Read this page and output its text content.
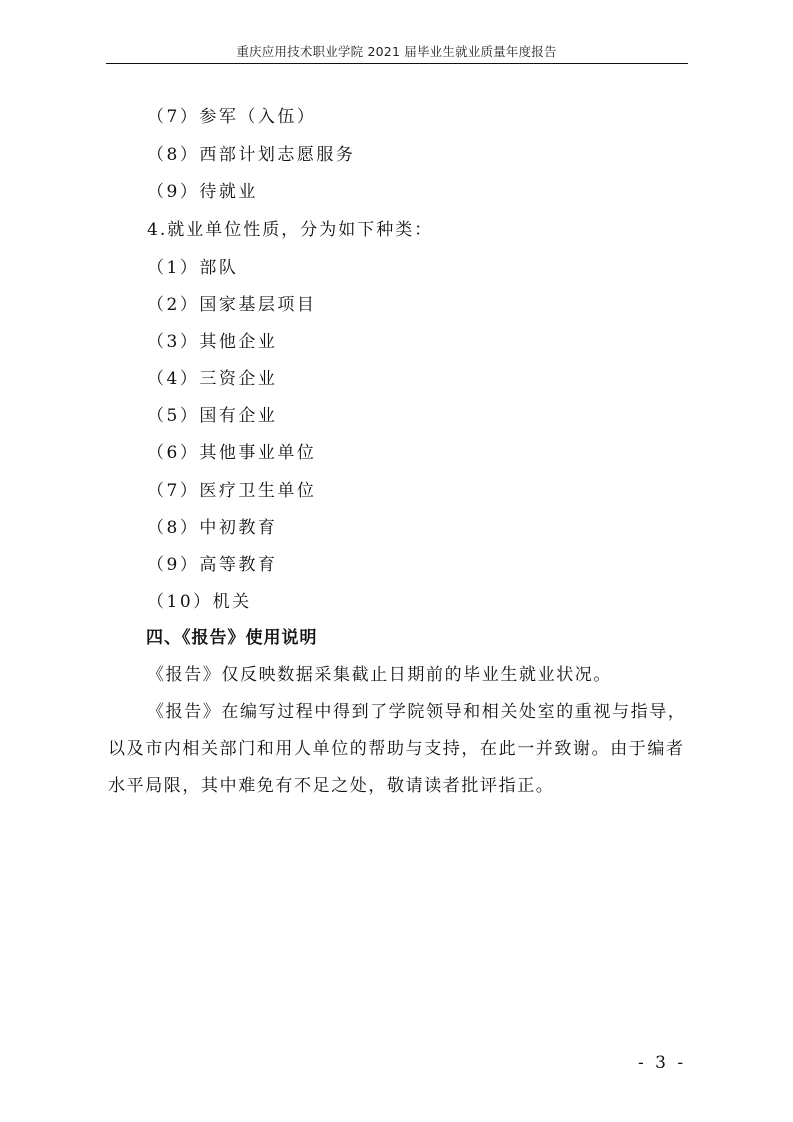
重庆应用技术职业学院 2021 届毕业生就业质量年度报告
（7）参军（入伍）
（8）西部计划志愿服务
（9）待就业
4.就业单位性质，分为如下种类：
（1）部队
（2）国家基层项目
（3）其他企业
（4）三资企业
（5）国有企业
（6）其他事业单位
（7）医疗卫生单位
（8）中初教育
（9）高等教育
（10）机关
四、《报告》使用说明
《报告》仅反映数据采集截止日期前的毕业生就业状况。
《报告》在编写过程中得到了学院领导和相关处室的重视与指导，
以及市内相关部门和用人单位的帮助与支持，在此一并致谢。由于编者
水平局限，其中难免有不足之处，敬请读者批评指正。
- 3 -
